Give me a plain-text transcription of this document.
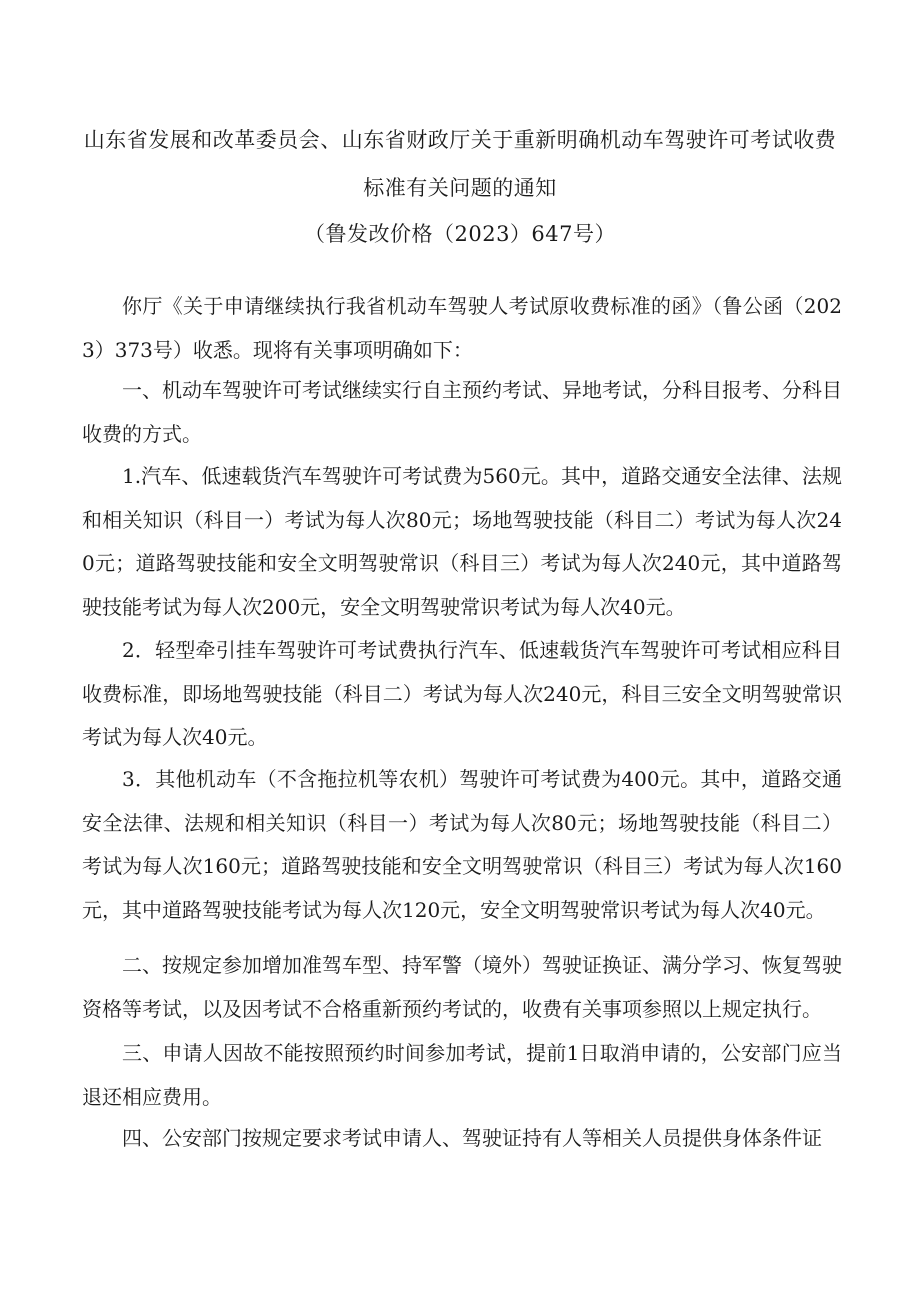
山东省发展和改革委员会、山东省财政厅关于重新明确机动车驾驶许可考试收费
标准有关问题的通知
（鲁发改价格（2023）647号）
你厅《关于申请继续执行我省机动车驾驶人考试原收费标准的函》（鲁公函（2023）373号）收悉。现将有关事项明确如下：
一、机动车驾驶许可考试继续实行自主预约考试、异地考试，分科目报考、分科目收费的方式。
1.汽车、低速载货汽车驾驶许可考试费为560元。其中，道路交通安全法律、法规和相关知识（科目一）考试为每人次80元；场地驾驶技能（科目二）考试为每人次240元；道路驾驶技能和安全文明驾驶常识（科目三）考试为每人次240元，其中道路驾驶技能考试为每人次200元，安全文明驾驶常识考试为每人次40元。
2．轻型牵引挂车驾驶许可考试费执行汽车、低速载货汽车驾驶许可考试相应科目收费标准，即场地驾驶技能（科目二）考试为每人次240元，科目三安全文明驾驶常识考试为每人次40元。
3．其他机动车（不含拖拉机等农机）驾驶许可考试费为400元。其中，道路交通安全法律、法规和相关知识（科目一）考试为每人次80元；场地驾驶技能（科目二）考试为每人次160元；道路驾驶技能和安全文明驾驶常识（科目三）考试为每人次160元，其中道路驾驶技能考试为每人次120元，安全文明驾驶常识考试为每人次40元。
二、按规定参加增加准驾车型、持军警（境外）驾驶证换证、满分学习、恢复驾驶资格等考试，以及因考试不合格重新预约考试的，收费有关事项参照以上规定执行。
三、申请人因故不能按照预约时间参加考试，提前1日取消申请的，公安部门应当退还相应费用。
四、公安部门按规定要求考试申请人、驾驶证持有人等相关人员提供身体条件证
